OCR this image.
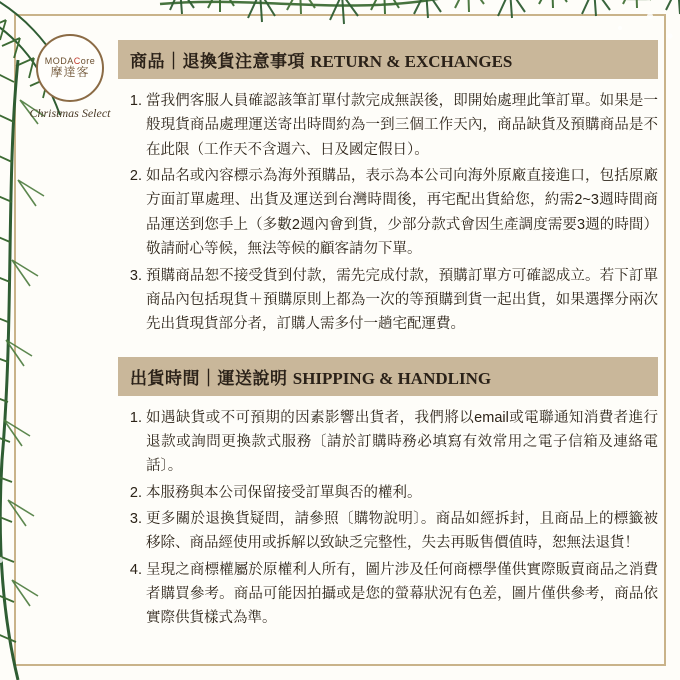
MODACore
摩達客
Christmas Select
商品｜退換貨注意事項 RETURN & EXCHANGES
1. 當我們客服人員確認該筆訂單付款完成無誤後，即開始處理此筆訂單。如果是一般現貨商品處理運送寄出時間約為一到三個工作天內，商品缺貨及預購商品是不在此限（工作天不含週六、日及國定假日）。
2. 如品名或內容標示為海外預購品，表示為本公司向海外原廠直接進口，包括原廠方面訂單處理、出貨及運送到台灣時間後，再宅配出貨給您，約需2~3週時間商品運送到您手上（多數2週內會到貨，少部分款式會因生產調度需要3週的時間）敬請耐心等候，無法等候的顧客請勿下單。
3. 預購商品恕不接受貨到付款，需先完成付款，預購訂單方可確認成立。若下訂單商品內包括現貨＋預購原則上都為一次的等預購到貨一起出貨，如果選擇分兩次先出貨現貨部分者，訂購人需多付一趟宅配運費。
出貨時間｜運送說明 SHIPPING & HANDLING
1. 如遇缺貨或不可預期的因素影響出貨者，我們將以email或電聯通知消費者進行退款或詢問更換款式服務〔請於訂購時務必填寫有效常用之電子信箱及連絡電話〕。
2. 本服務與本公司保留接受訂單與否的權利。
3. 更多關於退換貨疑問，請參照〔購物說明〕。商品如經拆封，且商品上的標籤被移除、商品經使用或拆解以致缺乏完整性，失去再販售價值時，恕無法退貨！
4. 呈現之商標權屬於原權利人所有，圖片涉及任何商標學僅供實際販賣商品之消費者購買參考。商品可能因拍攝或是您的螢幕狀況有色差，圖片僅供參考，商品依實際供貨樣式為準。
